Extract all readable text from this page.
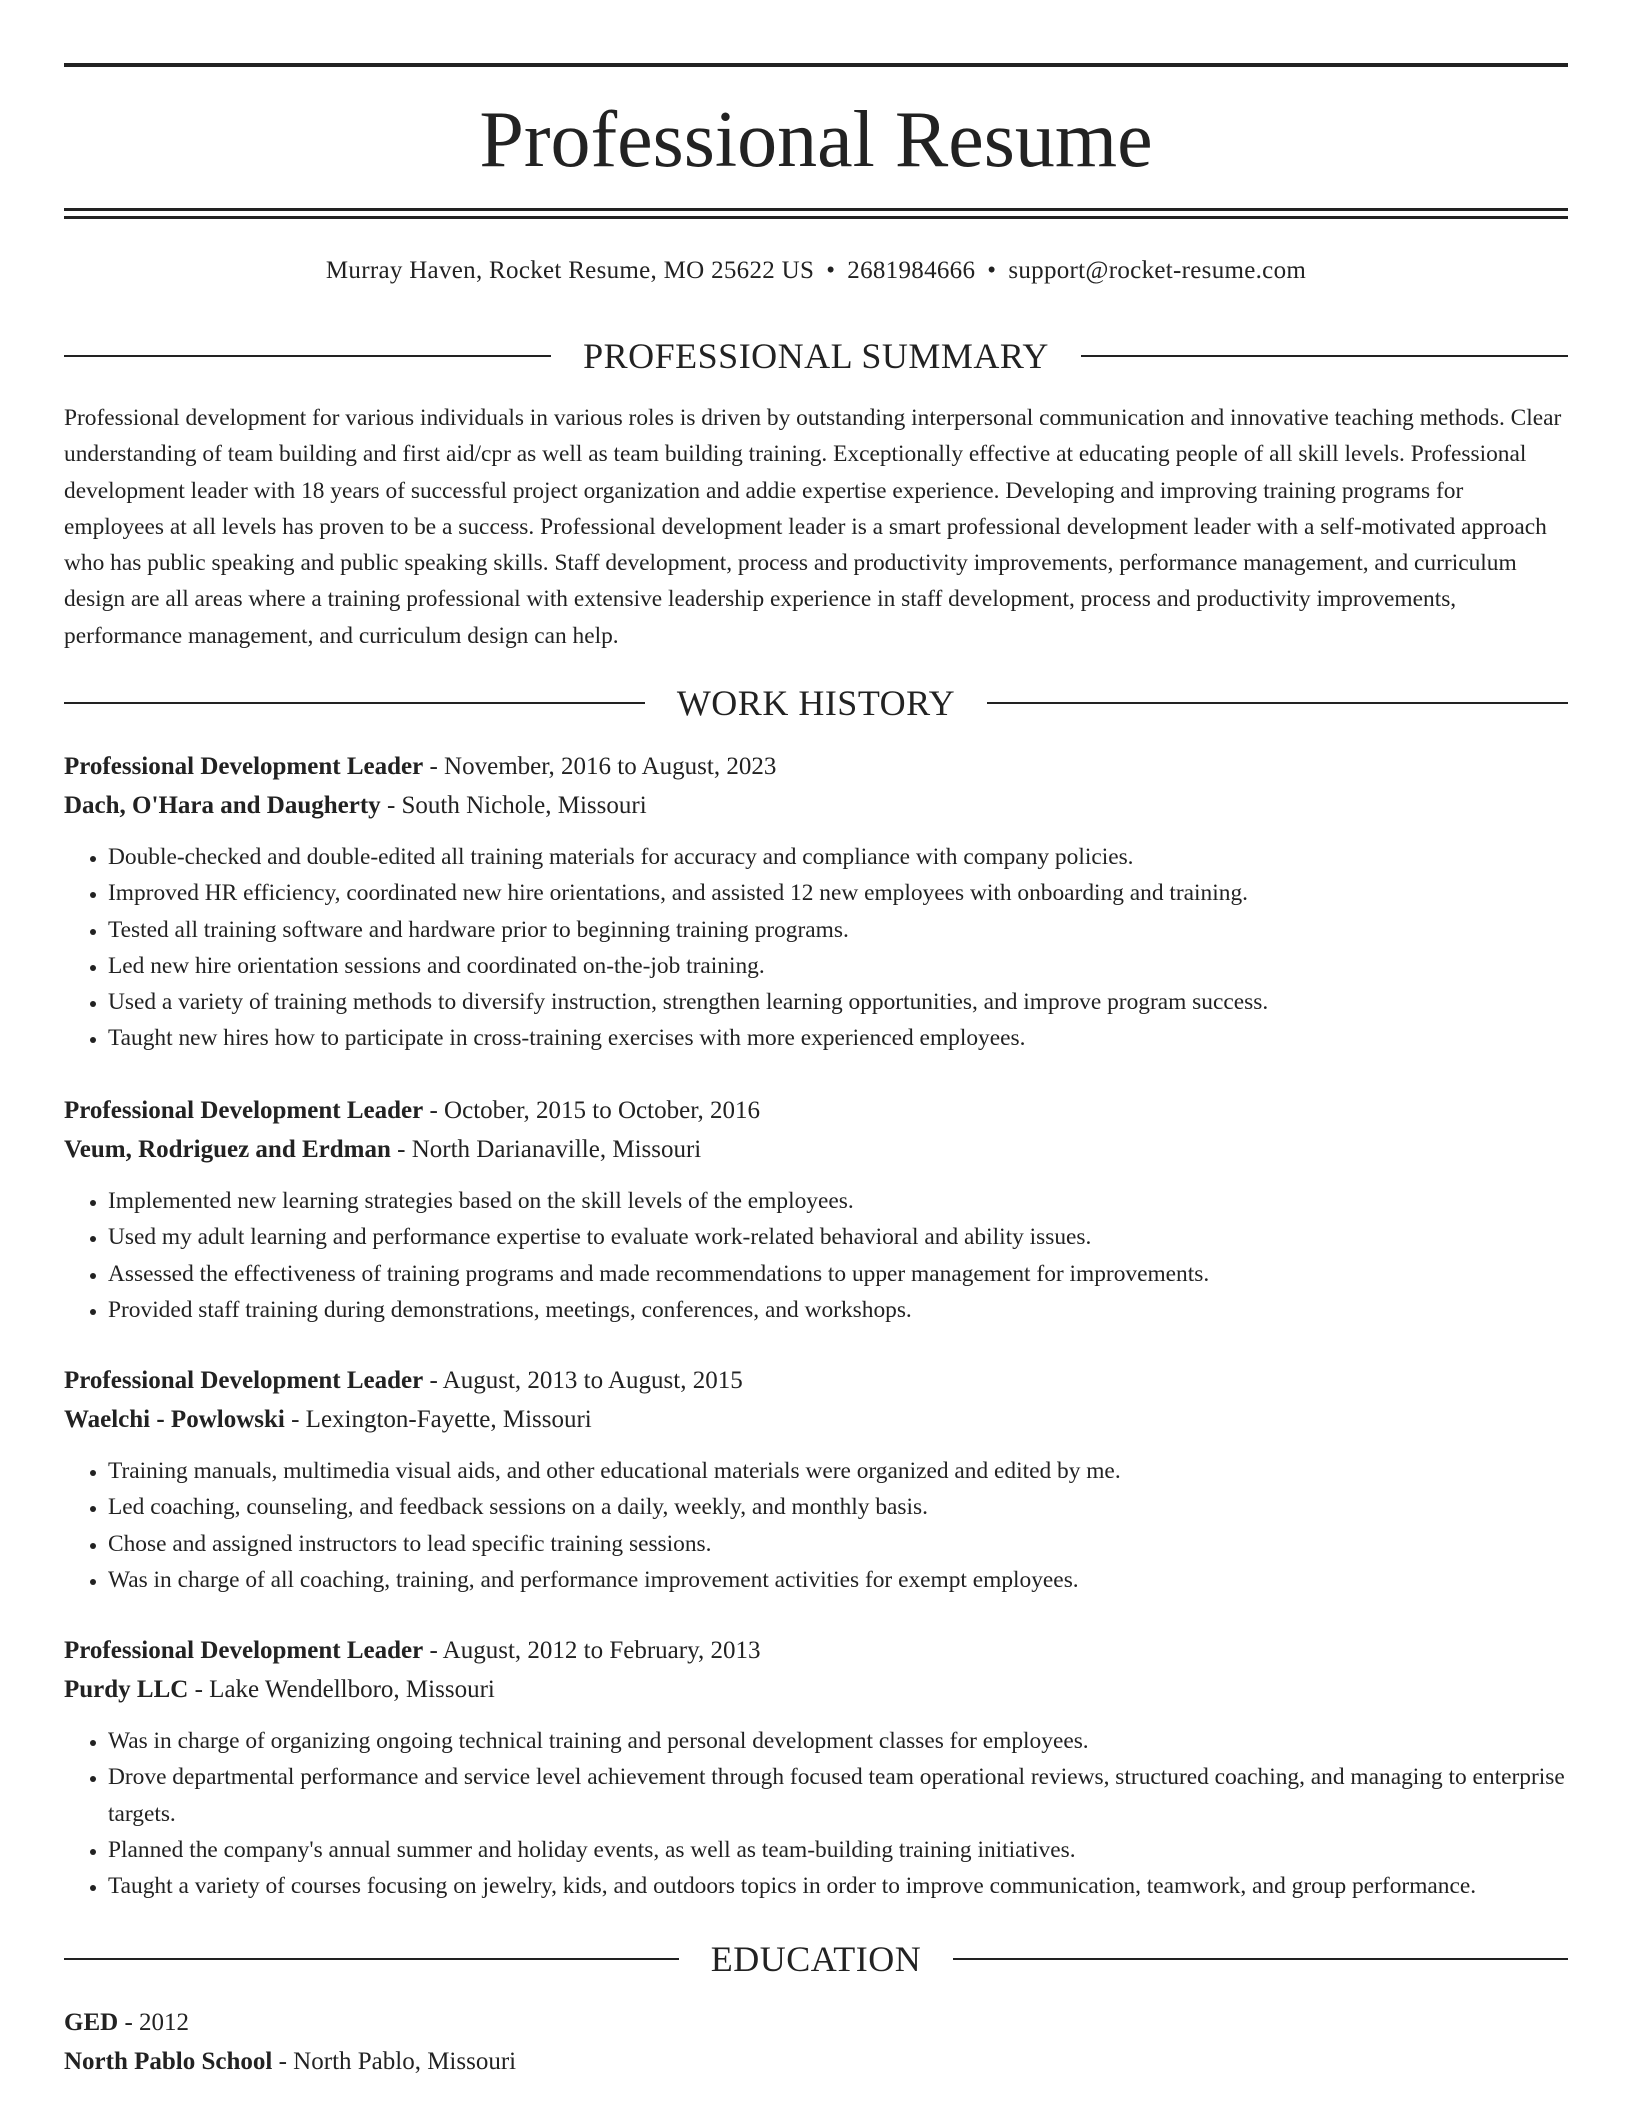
Professional Resume
Murray Haven, Rocket Resume, MO 25622 US • 2681984666 • support@rocket-resume.com
PROFESSIONAL SUMMARY

Professional development for various individuals in various roles is driven by outstanding interpersonal communication and innovative teaching methods. Clear understanding of team building and first aid/cpr as well as team building training. Exceptionally effective at educating people of all skill levels. Professional development leader with 18 years of successful project organization and addie expertise experience. Developing and improving training programs for employees at all levels has proven to be a success. Professional development leader is a smart professional development leader with a self-motivated approach who has public speaking and public speaking skills. Staff development, process and productivity improvements, performance management, and curriculum design are all areas where a training professional with extensive leadership experience in staff development, process and productivity improvements, performance management, and curriculum design can help.

WORK HISTORY
Professional Development Leader - November, 2016 to August, 2023
Dach, O'Hara and Daugherty - South Nichole, Missouri
• Double-checked and double-edited all training materials for accuracy and compliance with company policies.
• Improved HR efficiency, coordinated new hire orientations, and assisted 12 new employees with onboarding and training.
• Tested all training software and hardware prior to beginning training programs.
• Led new hire orientation sessions and coordinated on-the-job training.
• Used a variety of training methods to diversify instruction, strengthen learning opportunities, and improve program success.
• Taught new hires how to participate in cross-training exercises with more experienced employees.
Professional Development Leader - October, 2015 to October, 2016
Veum, Rodriguez and Erdman - North Darianaville, Missouri
• Implemented new learning strategies based on the skill levels of the employees.
• Used my adult learning and performance expertise to evaluate work-related behavioral and ability issues.
• Assessed the effectiveness of training programs and made recommendations to upper management for improvements.
• Provided staff training during demonstrations, meetings, conferences, and workshops.
Professional Development Leader - August, 2013 to August, 2015
Waelchi - Powlowski - Lexington-Fayette, Missouri
• Training manuals, multimedia visual aids, and other educational materials were organized and edited by me.
• Led coaching, counseling, and feedback sessions on a daily, weekly, and monthly basis.
• Chose and assigned instructors to lead specific training sessions.
• Was in charge of all coaching, training, and performance improvement activities for exempt employees.
Professional Development Leader - August, 2012 to February, 2013
Purdy LLC - Lake Wendellboro, Missouri
• Was in charge of organizing ongoing technical training and personal development classes for employees.
• Drove departmental performance and service level achievement through focused team operational reviews, structured coaching, and managing to enterprise targets.
• Planned the company's annual summer and holiday events, as well as team-building training initiatives.
• Taught a variety of courses focusing on jewelry, kids, and outdoors topics in order to improve communication, teamwork, and group performance.
EDUCATION
GED - 2012
North Pablo School - North Pablo, Missouri
